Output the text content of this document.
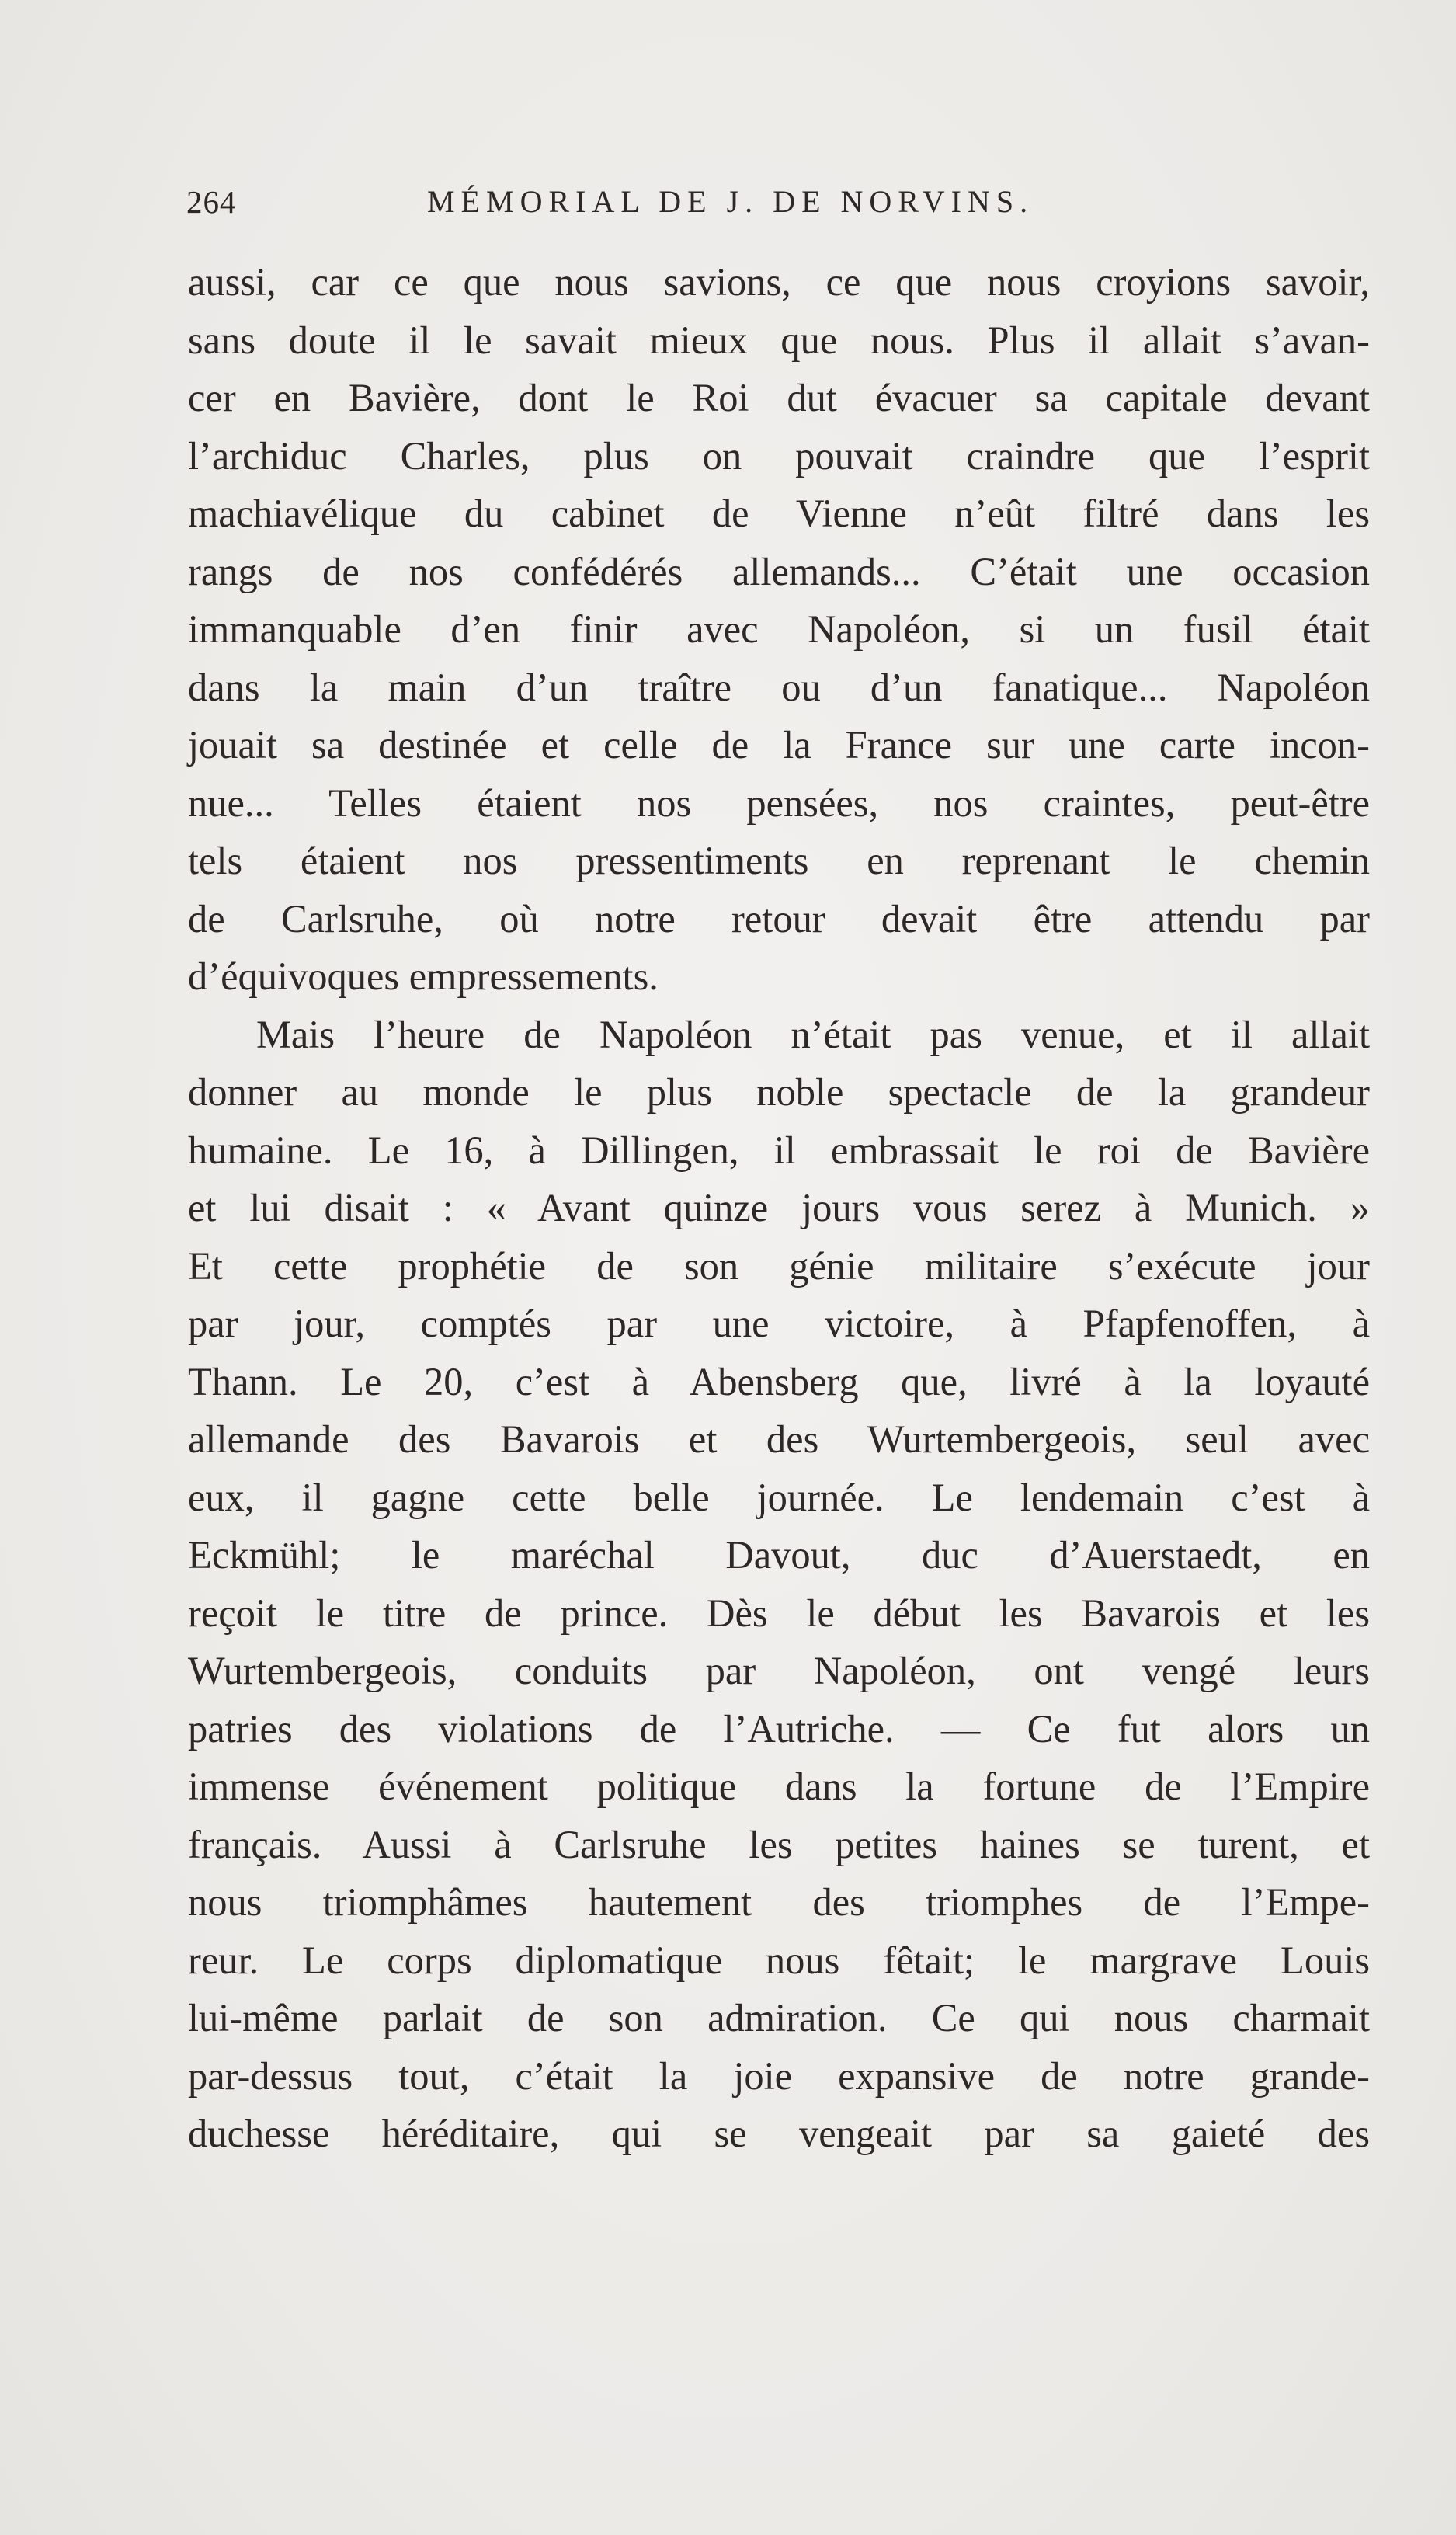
264	MÉMORIAL DE J. DE NORVINS.
aussi, car ce que nous savions, ce que nous croyions savoir,
sans doute il le savait mieux que nous. Plus il allait s’avan-
cer en Bavière, dont le Roi dut évacuer sa capitale devant
l’archiduc Charles, plus on pouvait craindre que l’esprit
machiavélique du cabinet de Vienne n’eût filtré dans les
rangs de nos confédérés allemands... C’était une occasion
immanquable d’en finir avec Napoléon, si un fusil était
dans la main d’un traître ou d’un fanatique... Napoléon
jouait sa destinée et celle de la France sur une carte incon-
nue... Telles étaient nos pensées, nos craintes, peut-être
tels étaient nos pressentiments en reprenant le chemin
de Carlsruhe, où notre retour devait être attendu par
d’équivoques empressements.
Mais l’heure de Napoléon n’était pas venue, et il allait
donner au monde le plus noble spectacle de la grandeur
humaine. Le 16, à Dillingen, il embrassait le roi de Bavière
et lui disait : « Avant quinze jours vous serez à Munich. »
Et cette prophétie de son génie militaire s’exécute jour
par jour, comptés par une victoire, à Pfapfenoffen, à
Thann. Le 20, c’est à Abensberg que, livré à la loyauté
allemande des Bavarois et des Wurtembergeois, seul avec
eux, il gagne cette belle journée. Le lendemain c’est à
Eckmühl; le maréchal Davout, duc d’Auerstaedt, en
reçoit le titre de prince. Dès le début les Bavarois et les
Wurtembergeois, conduits par Napoléon, ont vengé leurs
patries des violations de l’Autriche. — Ce fut alors un
immense événement politique dans la fortune de l’Empire
français. Aussi à Carlsruhe les petites haines se turent, et
nous triomphâmes hautement des triomphes de l’Empe-
reur. Le corps diplomatique nous fêtait; le margrave Louis
lui-même parlait de son admiration. Ce qui nous charmait
par-dessus tout, c’était la joie expansive de notre grande-
duchesse héréditaire, qui se vengeait par sa gaieté des
